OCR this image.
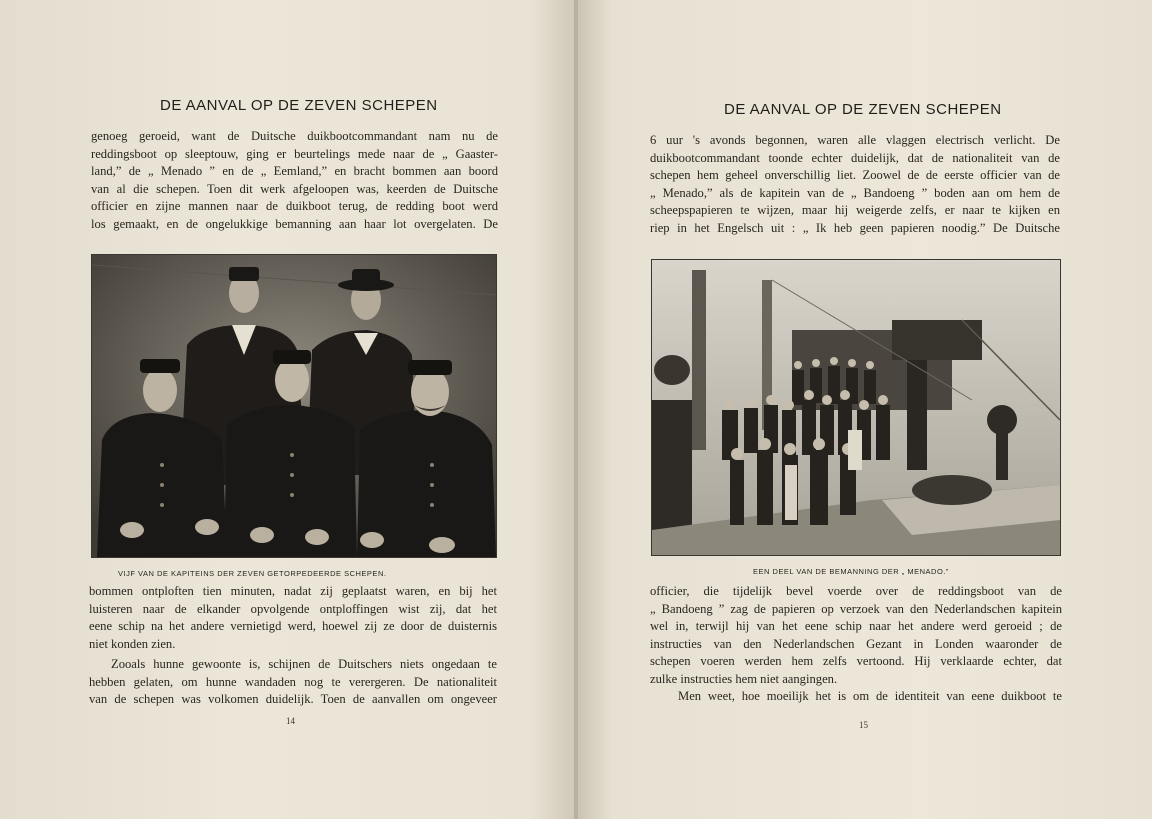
DE AANVAL OP DE ZEVEN SCHEPEN
genoeg geroeid, want de Duitsche duikbootcommandant nam nu de
reddingsboot op sleeptouw, ging er beurtelings mede naar de „ Gaaster-
land,” de „ Menado ” en de „ Eemland,” en bracht bommen aan boord
van al die schepen. Toen dit werk afgeloopen was, keerden de Duitsche
officier en zijne mannen naar de duikboot terug, de redding boot werd
los gemaakt, en de ongelukkige bemanning aan haar lot overgelaten. De
VIJF VAN DE KAPITEINS DER ZEVEN GETORPEDEERDE SCHEPEN.
bommen ontploften tien minuten, nadat zij geplaatst waren, en bij het
luisteren naar de elkander opvolgende ontploffingen wist zij, dat het
eene schip na het andere vernietigd werd, hoewel zij ze door de duisternis
niet konden zien.
Zooals hunne gewoonte is, schijnen de Duitschers niets ongedaan te
hebben gelaten, om hunne wandaden nog te verergeren. De nationaliteit
van de schepen was volkomen duidelijk. Toen de aanvallen om ongeveer
14
DE AANVAL OP DE ZEVEN SCHEPEN
6 uur 's avonds begonnen, waren alle vlaggen electrisch verlicht. De
duikbootcommandant toonde echter duidelijk, dat de nationaliteit van de
schepen hem geheel onverschillig liet. Zoowel de de eerste officier van de
„ Menado,” als de kapitein van de „ Bandoeng ” boden aan om hem de
scheepspapieren te wijzen, maar hij weigerde zelfs, er naar te kijken en
riep in het Engelsch uit : „ Ik heb geen papieren noodig.” De Duitsche
EEN DEEL VAN DE BEMANNING DER „ MENADO.”
officier, die tijdelijk bevel voerde over de reddingsboot van de
„ Bandoeng ” zag de papieren op verzoek van den Nederlandschen kapitein
wel in, terwijl hij van het eene schip naar het andere werd geroeid ; de
instructies van den Nederlandschen Gezant in Londen waaronder de
schepen voeren werden hem zelfs vertoond. Hij verklaarde echter, dat
zulke instructies hem niet aangingen.
Men weet, hoe moeilijk het is om de identiteit van eene duikboot te
15
